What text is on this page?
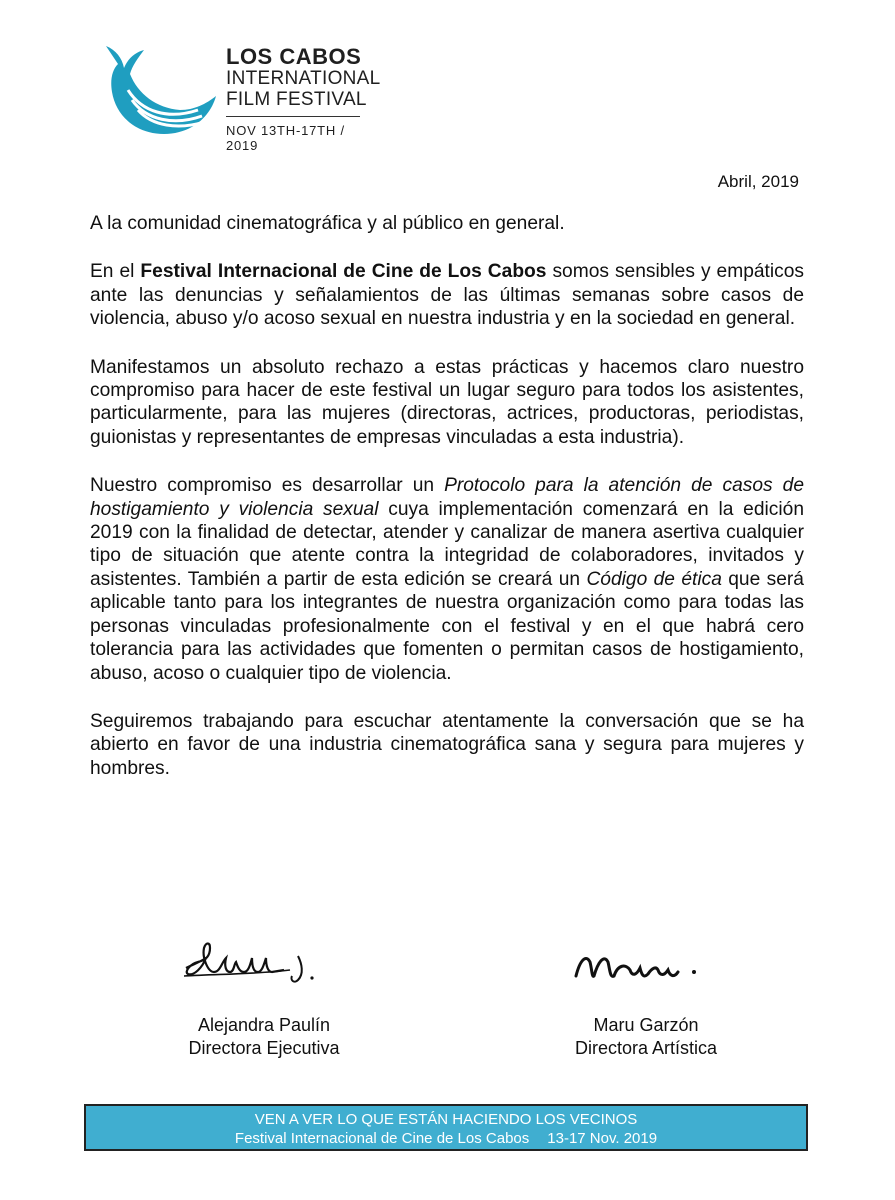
LOS CABOS
INTERNATIONAL
FILM FESTIVAL
NOV 13TH-17TH / 2019
Abril, 2019

A la comunidad cinematográfica y al público en general.

En el Festival Internacional de Cine de Los Cabos somos sensibles y empáticos ante las denuncias y señalamientos de las últimas semanas sobre casos de violencia, abuso y/o acoso sexual en nuestra industria y en la sociedad en general.

Manifestamos un absoluto rechazo a estas prácticas y hacemos claro nuestro compromiso para hacer de este festival un lugar seguro para todos los asistentes, particularmente, para las mujeres (directoras, actrices, productoras, periodistas, guionistas y representantes de empresas vinculadas a esta industria).

Nuestro compromiso es desarrollar un Protocolo para la atención de casos de hostigamiento y violencia sexual cuya implementación comenzará en la edición 2019 con la finalidad de detectar, atender y canalizar de manera asertiva cualquier tipo de situación que atente contra la integridad de colaboradores, invitados y asistentes. También a partir de esta edición se creará un Código de ética que será aplicable tanto para los integrantes de nuestra organización como para todas las personas vinculadas profesionalmente con el festival y en el que habrá cero tolerancia para las actividades que fomenten o permitan casos de hostigamiento, abuso, acoso o cualquier tipo de violencia.

Seguiremos trabajando para escuchar atentamente la conversación que se ha abierto en favor de una industria cinematográfica sana y segura para mujeres y hombres.

Alejandra Paulín
Directora Ejecutiva
Maru Garzón
Directora Artística
VEN A VER LO QUE ESTÁN HACIENDO LOS VECINOS
Festival Internacional de Cine de Los Cabos 13-17 Nov. 2019
